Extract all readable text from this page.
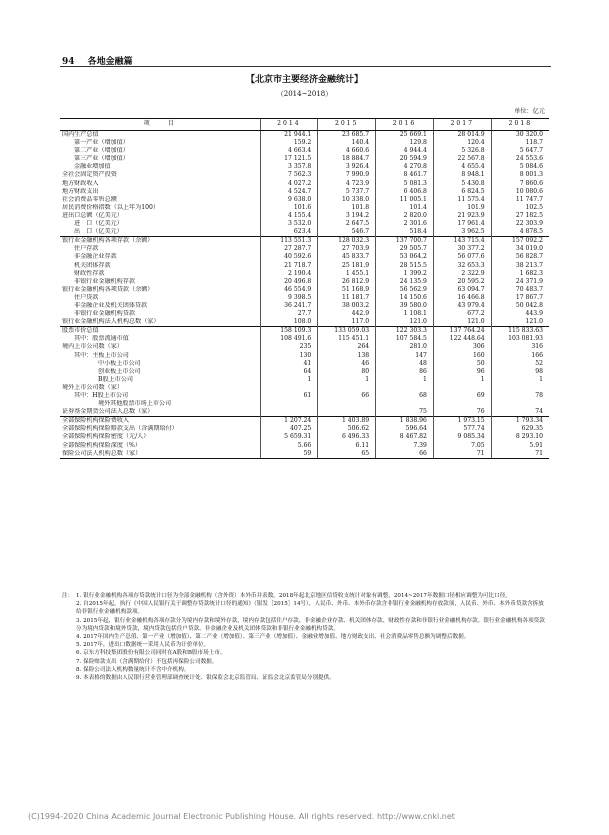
94 各地金融篇
【北京市主要经济金融统计】
（2014~2018）
单位：亿元
项　　目	2014	2015	2016	2017	2018
国内生产总值	21 944.1	23 685.7	25 669.1	28 014.9	30 320.0
第一产业（增加值）	159.2	140.4	129.8	120.4	118.7
第二产业（增加值）	4 663.4	4 660.6	4 944.4	5 326.8	5 647.7
第三产业（增加值）	17 121.5	18 884.7	20 594.9	22 567.8	24 553.6
金融业增加值	3 357.8	3 926.4	4 270.8	4 655.4	5 084.6
全社会固定资产投资	7 562.3	7 990.9	8 461.7	8 948.1	8 001.3
地方财政收入	4 027.2	4 723.9	5 081.3	5 430.8	7 860.6
地方财政支出	4 524.7	5 737.7	6 406.8	6 824.5	10 080.6
社会消费品零售总额	9 638.0	10 338.0	11 005.1	11 575.4	11 747.7
居民消费价格指数（以上年为100）	101.6	101.8	101.4	101.9	102.5
进出口总额（亿美元）	4 155.4	3 194.2	2 820.0	21 923.9	27 182.5
进　口（亿美元）	3 532.0	2 647.5	2 301.6	17 961.4	22 303.9
出　口（亿美元）	623.4	546.7	518.4	3 962.5	4 878.5
银行业金融机构各项存款（余额）	113 551.3	128 032.3	137 700.7	143 715.4	157 092.2
住户存款	27 287.7	27 703.9	29 505.7	30 377.2	34 019.0
非金融企业存款	40 592.6	45 833.7	53 064.2	56 077.6	56 828.7
机关团体存款	21 718.7	25 181.9	28 515.5	32 653.3	38 213.7
财政性存款	2 190.4	1 455.1	1 399.2	2 322.9	1 682.3
非银行业金融机构存款	20 496.8	26 812.9	24 135.9	20 595.2	24 371.9
银行业金融机构各项贷款（余额）	46 554.9	51 168.9	56 562.9	63 094.7	70 483.7
住户贷款	9 398.5	11 181.7	14 150.6	16 466.8	17 867.7
非金融企业及机关团体贷款	36 241.7	38 003.2	39 580.0	43 979.4	50 042.8
非银行业金融机构贷款	27.7	442.9	1 108.1	677.2	443.9
银行业金融机构法人机构总数（家）	108.0	117.0	121.0	121.0	121.0
股票市价总值	158 109.3	133 059.03	122 303.3	137 764.24	115 833.63
其中：股票流通市值	108 491.6	115 451.1	107 584.5	122 448.64	103 081.93
境内上市公司数（家）	235	264	281.0	306	316
其中：主板上市公司	130	138	147	160	166
中小板上市公司	41	46	48	50	52
创业板上市公司	64	80	86	96	98
B股上市公司	1	1	1	1	1
境外上市公司数（家）					
其中：H股上市公司	61	66	68	69	78
境外其他股票市场上市公司					
证券基金期货公司法人总数（家）			75	76	74
全部保险机构保险费收入	1 207.24	1 403.89	1 838.96	1 973.15	1 793.34
全部保险机构保险赔款支出（含满期给付）	407.25	506.62	596.64	577.74	629.35
全部保险机构保险密度（元/人）	5 659.31	6 496.33	8 467.82	9 085.34	8 293.10
全部保险机构保险深度（%）	5.66	6.11	7.39	7.05	5.91
保险公司法人机构总数（家）	59	65	66	71	71
注： 1. 银行业金融机构各项存贷款统计口径为全部金融机构（含外资）本外币并表数。2018年起北京地区信贷收支统计对象有调整，2014~2017年数据口径相应调整为可比口径。
2. 自2015年起，执行《中国人民银行关于调整存贷款统计口径的通知》（银发［2015］14号），人民币、外币、本外币存款含非银行业金融机构存放款项，人民币、外币、本外币贷款含拆放给非银行业金融机构款项。
3. 2015年起，银行业金融机构各项存款分为境内存款和境外存款，境内存款包括住户存款、非金融企业存款、机关团体存款、财政性存款和非银行业金融机构存款。银行业金融机构各项贷款分为境内贷款和境外贷款，境内贷款包括住户贷款、非金融企业及机关团体贷款和非银行业金融机构贷款。
4. 2017年国内生产总值、第一产业（增加值）、第二产业（增加值）、第三产业（增加值）、金融业增加值、地方财政支出、社会消费品零售总额为调整后数据。
5. 2017年，进出口数据统一采用人民币为计价单位。
6. 京东方科技集团股份有限公司同时在A股和B股市场上市。
7. 保险赔款支出（含满期给付）不包括再保险公司数据。
8. 保险公司法人机构数量统计不含中介机构。
9. 本表格的数据由人民银行营业管理部调查统计处、银保监会北京监管局、证监会北京监管局分别提供。
(C)1994-2020 China Academic Journal Electronic Publishing House. All rights reserved. http://www.cnki.net
